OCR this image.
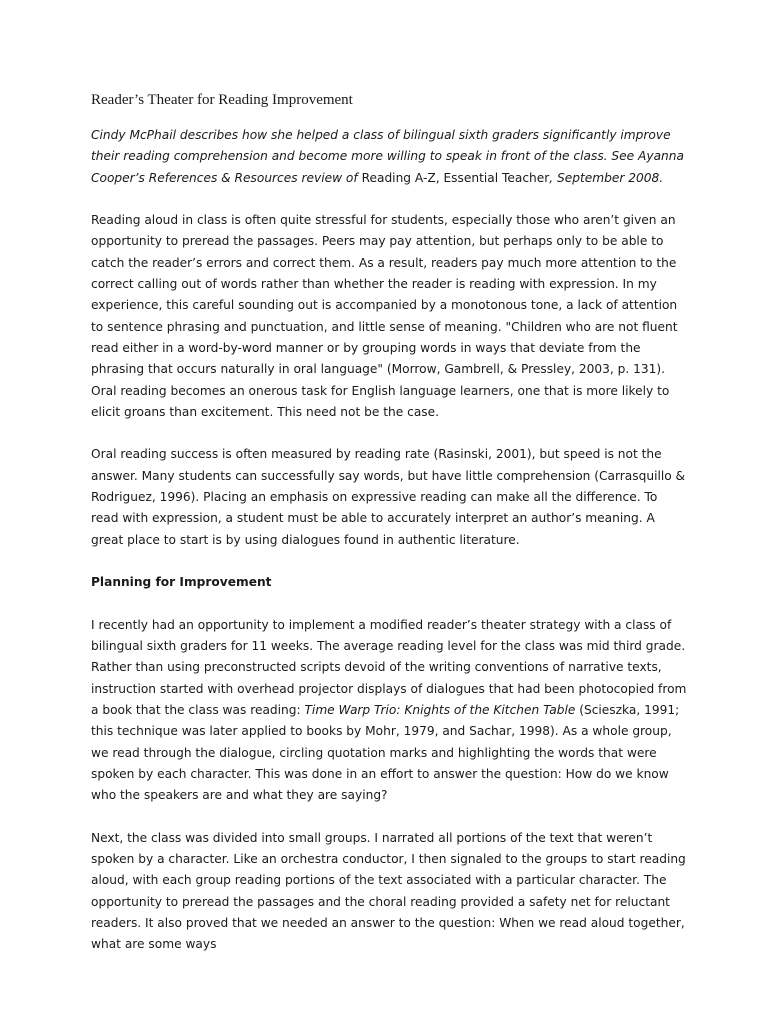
Reader’s Theater for Reading Improvement

Cindy McPhail describes how she helped a class of bilingual sixth graders significantly improve their reading comprehension and become more willing to speak in front of the class. See Ayanna Cooper’s References & Resources review of Reading A-Z, Essential Teacher, September 2008.

Reading aloud in class is often quite stressful for students, especially those who aren’t given an opportunity to preread the passages. Peers may pay attention, but perhaps only to be able to catch the reader’s errors and correct them. As a result, readers pay much more attention to the correct calling out of words rather than whether the reader is reading with expression. In my experience, this careful sounding out is accompanied by a monotonous tone, a lack of attention to sentence phrasing and punctuation, and little sense of meaning. "Children who are not fluent read either in a word-by-word manner or by grouping words in ways that deviate from the phrasing that occurs naturally in oral language" (Morrow, Gambrell, & Pressley, 2003, p. 131). Oral reading becomes an onerous task for English language learners, one that is more likely to elicit groans than excitement. This need not be the case.

Oral reading success is often measured by reading rate (Rasinski, 2001), but speed is not the answer. Many students can successfully say words, but have little comprehension (Carrasquillo & Rodriguez, 1996). Placing an emphasis on expressive reading can make all the difference. To read with expression, a student must be able to accurately interpret an author’s meaning. A great place to start is by using dialogues found in authentic literature.

Planning for Improvement

I recently had an opportunity to implement a modified reader’s theater strategy with a class of bilingual sixth graders for 11 weeks. The average reading level for the class was mid third grade. Rather than using preconstructed scripts devoid of the writing conventions of narrative texts, instruction started with overhead projector displays of dialogues that had been photocopied from a book that the class was reading: Time Warp Trio: Knights of the Kitchen Table (Scieszka, 1991; this technique was later applied to books by Mohr, 1979, and Sachar, 1998). As a whole group, we read through the dialogue, circling quotation marks and highlighting the words that were spoken by each character. This was done in an effort to answer the question: How do we know who the speakers are and what they are saying?

Next, the class was divided into small groups. I narrated all portions of the text that weren’t spoken by a character. Like an orchestra conductor, I then signaled to the groups to start reading aloud, with each group reading portions of the text associated with a particular character. The opportunity to preread the passages and the choral reading provided a safety net for reluctant readers. It also proved that we needed an answer to the question: When we read aloud together, what are some ways
